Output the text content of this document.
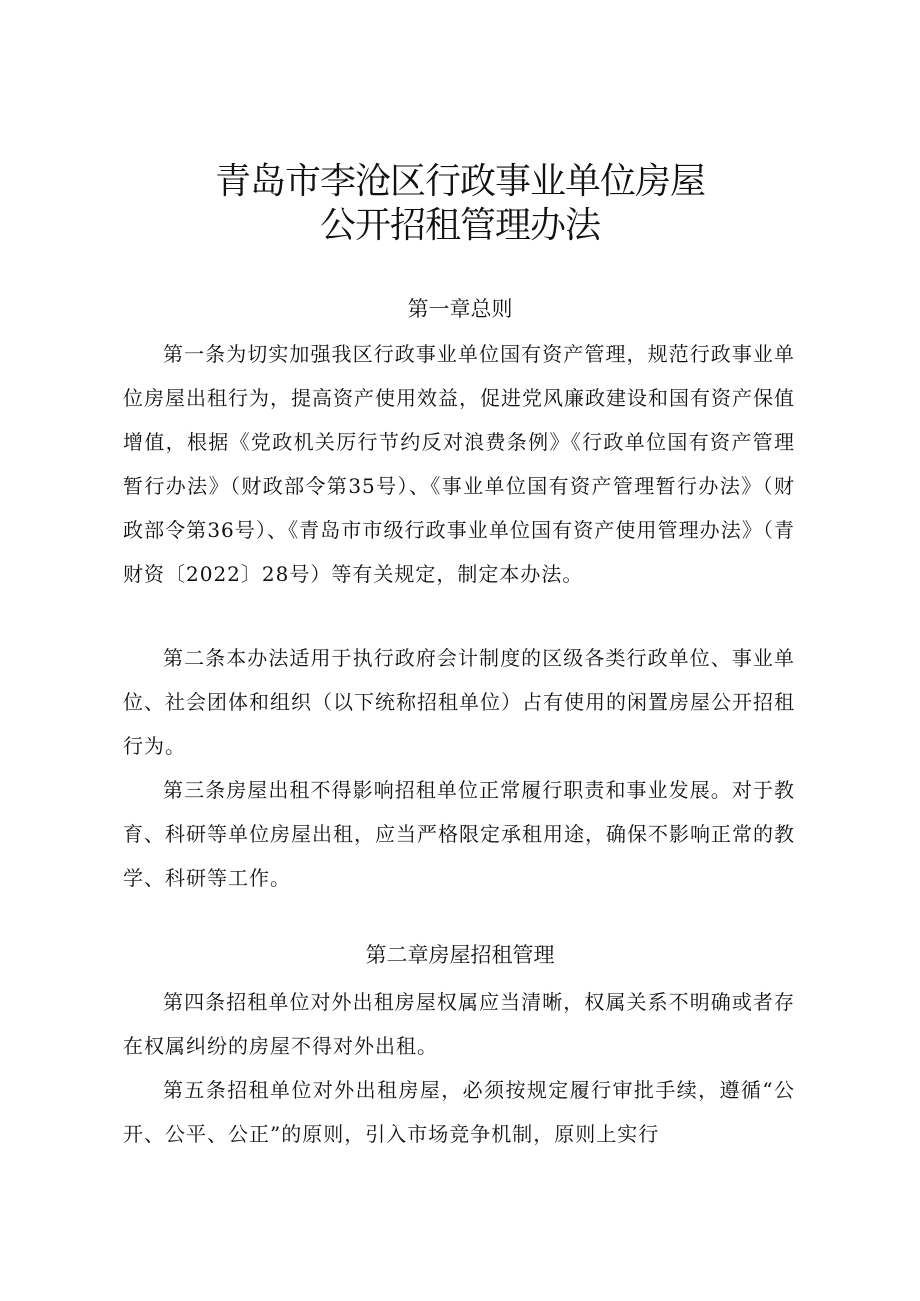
青岛市李沧区行政事业单位房屋
公开招租管理办法
第一章总则

第一条为切实加强我区行政事业单位国有资产管理，规范行政事业单位房屋出租行为，提高资产使用效益，促进党风廉政建设和国有资产保值增值，根据《党政机关厉行节约反对浪费条例》《行政单位国有资产管理暂行办法》（财政部令第35号）、《事业单位国有资产管理暂行办法》（财政部令第36号）、《青岛市市级行政事业单位国有资产使用管理办法》（青财资〔2022〕28号）等有关规定，制定本办法。

第二条本办法适用于执行政府会计制度的区级各类行政单位、事业单位、社会团体和组织（以下统称招租单位）占有使用的闲置房屋公开招租行为。

第三条房屋出租不得影响招租单位正常履行职责和事业发展。对于教育、科研等单位房屋出租，应当严格限定承租用途，确保不影响正常的教学、科研等工作。

第二章房屋招租管理

第四条招租单位对外出租房屋权属应当清晰，权属关系不明确或者存在权属纠纷的房屋不得对外出租。

第五条招租单位对外出租房屋，必须按规定履行审批手续，遵循“公开、公平、公正”的原则，引入市场竞争机制，原则上实行
